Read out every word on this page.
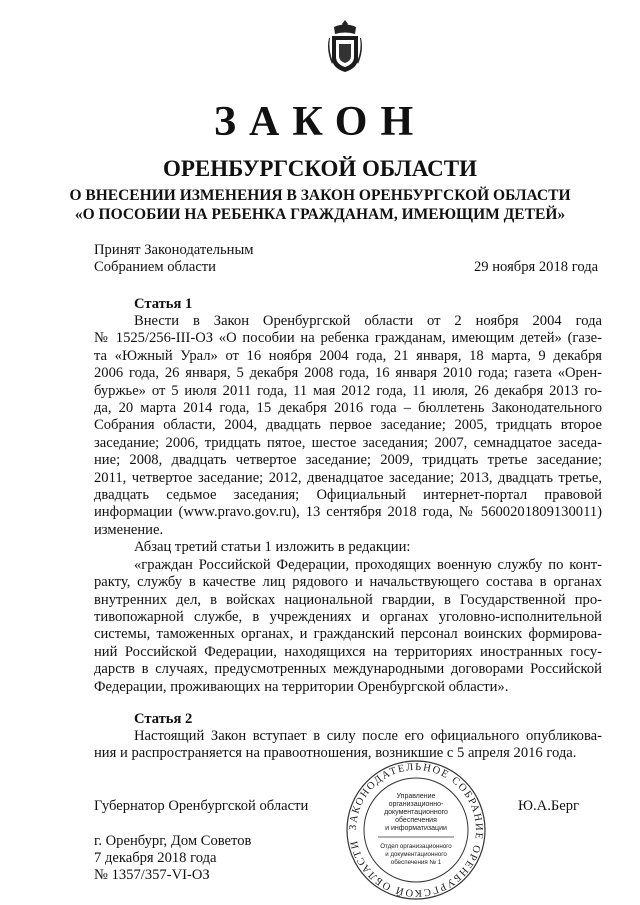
ЗАКОН
ОРЕНБУРГСКОЙ ОБЛАСТИ
О ВНЕСЕНИИ ИЗМЕНЕНИЯ В ЗАКОН ОРЕНБУРГСКОЙ ОБЛАСТИ
«О ПОСОБИИ НА РЕБЕНКА ГРАЖДАНАМ, ИМЕЮЩИМ ДЕТЕЙ»
Принят Законодательным
Собранием области	29 ноября 2018 года
Статья 1
Внести в Закон Оренбургской области от 2 ноября 2004 года
№ 1525/256-III-ОЗ «О пособии на ребенка гражданам, имеющим детей» (газе-
та «Южный Урал» от 16 ноября 2004 года, 21 января, 18 марта, 9 декабря
2006 года, 26 января, 5 декабря 2008 года, 16 января 2010 года; газета «Орен-
буржье» от 5 июля 2011 года, 11 мая 2012 года, 11 июля, 26 декабря 2013 го-
да, 20 марта 2014 года, 15 декабря 2016 года – бюллетень Законодательного
Собрания области, 2004, двадцать первое заседание; 2005, тридцать второе
заседание; 2006, тридцать пятое, шестое заседания; 2007, семнадцатое заседа-
ние; 2008, двадцать четвертое заседание; 2009, тридцать третье заседание;
2011, четвертое заседание; 2012, двенадцатое заседание; 2013, двадцать третье,
двадцать седьмое заседания; Официальный интернет-портал правовой
информации (www.pravo.gov.ru), 13 сентября 2018 года, № 5600201809130011)
изменение.
Абзац третий статьи 1 изложить в редакции:
«граждан Российской Федерации, проходящих военную службу по конт-
ракту, службу в качестве лиц рядового и начальствующего состава в органах
внутренних дел, в войсках национальной гвардии, в Государственной про-
тивопожарной службе, в учреждениях и органах уголовно-исполнительной
системы, таможенных органах, и гражданский персонал воинских формирова-
ний Российской Федерации, находящихся на территориях иностранных госу-
дарств в случаях, предусмотренных международными договорами Российской
Федерации, проживающих на территории Оренбургской области».
Статья 2
Настоящий Закон вступает в силу после его официального опубликова-
ния и распространяется на правоотношения, возникшие с 5 апреля 2016 года.
Губернатор Оренбургской области	Ю.А.Берг
г. Оренбург, Дом Советов
7 декабря 2018 года
№ 1357/357-VI-ОЗ
ЗАКОНОДАТЕЛЬНОЕ СОБРАНИЕ ОРЕНБУРГСКОЙ ОБЛАСТИ
Управление
организационно-
документационного
обеспечения
и информатизации
Отдел организационного
и документационного
обеспечения № 1
